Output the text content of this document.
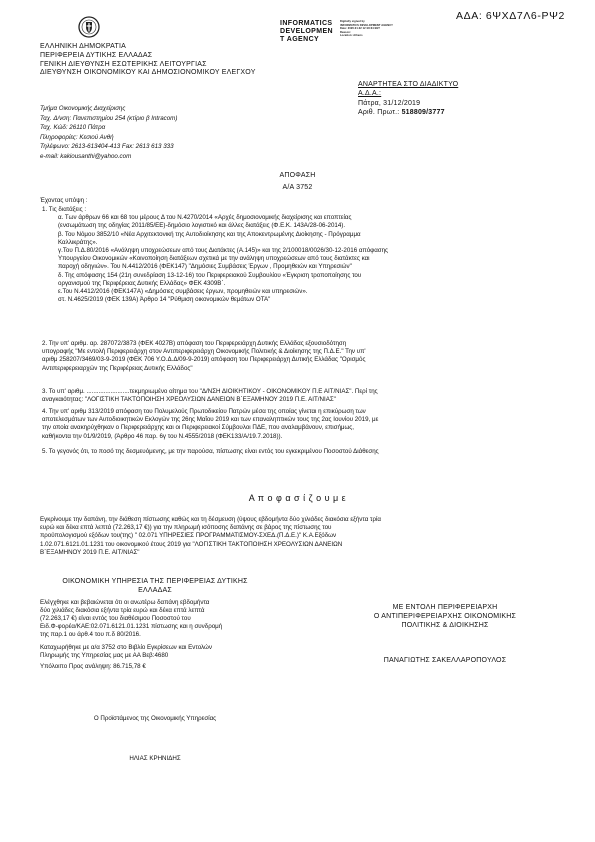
ΑΔΑ: 6ΨΧΔ7Λ6-ΡΨ2
ΕΛΛΗΝΙΚΗ ΔΗΜΟΚΡΑΤΙΑ
ΠΕΡΙΦΕΡΕΙΑ ΔΥΤΙΚΗΣ ΕΛΛΑΔΑΣ
ΓΕΝΙΚΗ ΔΙΕΥΘΥΝΣΗ ΕΣΩΤΕΡΙΚΗΣ ΛΕΙΤΟΥΡΓΙΑΣ
ΔΙΕΥΘΥΝΣΗ ΟΙΚΟΝΟΜΙΚΟΥ ΚΑΙ ΔΗΜΟΣΙΟΝΟΜΙΚΟΥ ΕΛΕΓΧΟΥ
INFORMATICS
DEVELOPMEN
T AGENCY
Digitally signed by
INFORMATICS DEVELOPMENT AGENCY
Date: 2020.01.02 12:18:34 EET
Reason:
Location: Athens
ΑΝΑΡΤΗΤΕΑ ΣΤΟ ΔΙΑΔΙΚΤΥΟ
Α.Δ.Α.:
Πάτρα, 31/12/2019
Αριθ. Πρωτ.: 518809/3777
Τμήμα Οικονομικής Διαχείρισης
Ταχ. Δ/νση: Πανεπιστημίου 254 (κτίριο β Intracom)
Ταχ. Κώδ: 26110 Πάτρα
Πληροφορίες: Κεσιού Ανθή
Τηλέφωνο: 2613-613404-413 Fax: 2613 613 333
e-mail: kakiousanthi@yahoo.com
ΑΠΟΦΑΣΗ
Α/Α 3752
Έχοντας υπόψη :
1. Τις διατάξεις :
α. Των άρθρων 66 και 68 του μέρους Δ του Ν.4270/2014 «Αρχές δημοσιονομικής διαχείρισης και εποπτείας
(ενσωμάτωση της οδηγίας 2011/85/ΕΕ)-δημόσιο λογιστικό και άλλες διατάξεις (Φ.Ε.Κ. 143Α/28-06-2014).
β. Του Νόμου 3852/10 «Νέα Αρχιτεκτονική της Αυτοδιοίκησης και της Αποκεντρωμένης Διοίκησης - Πρόγραμμα
Καλλικράτης».
γ.Του Π.Δ.80/2016 «Ανάληψη υποχρεώσεων από τους Διατάκτες (Α.145)» και της 2/100018/0026/30-12-2016 απόφασης
Υπουργείου Οικονομικών «Κοινοποίηση διατάξεων σχετικά με την ανάληψη υποχρεώσεων από τους διατάκτες και
παροχή οδηγιών». Του Ν.4412/2016 (ΦΕΚ147) "Δημόσιες Συμβάσεις Έργων , Προμηθειών και Υπηρεσιών"
δ. Της απόφασης 154 (21η συνεδρίαση 13-12-16) του Περιφερειακού Συμβουλίου «Έγκριση τροποποίησης του
οργανισμού της Περιφέρειας Δυτικής Ελλάδας» ΦΕΚ 4309Β΄.
ε.Του Ν.4412/2016 (ΦΕΚ147Α) «Δημόσιες συμβάσεις έργων, προμηθειών και υπηρεσιών».
στ. Ν.4625/2019 (ΦΕΚ 139Α) Άρθρο 14 "Ρύθμιση οικονομικών θεμάτων ΟΤΑ"
2. Την υπ' αριθμ. αρ. 287072/3873 (ΦΕΚ 4027Β) απόφαση του Περιφερειάρχη Δυτικής Ελλάδας εξουσιοδότηση
υπογραφής "Με εντολή Περιφερειάρχη στον Αντιπεριφερειάρχη Οικονομικής Πολιτικής & Διοίκησης της Π.Δ.Ε." Την υπ'
αριθμ 258207/3469/03-9-2019 (ΦΕΚ 706 Υ.Ο.Δ.Δ/09-9-2019) απόφαση του Περιφερειάρχη Δυτικής Ελλάδας "Ορισμός
Αντιπεριφερειαρχών της Περιφέρειας Δυτικής Ελλάδος"
3. Το υπ' αριθμ. .........................τεκμηριωμένο αίτημα του "Δ/ΝΣΗ ΔΙΟΙΚΗΤΙΚΟΥ - ΟΙΚΟΝΟΜΙΚΟΥ Π.Ε ΑΙΤ/ΝΙΑΣ". Περί της
αναγκαιότητας: "ΛΟΓΙΣΤΙΚΗ ΤΑΚΤΟΠΟΙΗΣΗ ΧΡΕΟΛΥΣΙΩΝ ΔΑΝΕΙΩΝ Β΄ΕΞΑΜΗΝΟΥ 2019 Π.Ε. ΑΙΤ/ΝΙΑΣ"
4. Την υπ' αριθμ 313/2019 απόφαση του Πολυμελούς Πρωτοδικείου Πατρών μέσα της οποίας γίνεται η επικύρωση των
αποτελεσμάτων των Αυτοδιοικητικών Εκλογών της 26ης Μαΐου 2019 και των επαναληπτικών τους της 2ας Ιουνίου 2019, με
την οποία ανακηρύχθηκαν ο Περιφερειάρχης και οι Περιφερειακοί Σύμβουλοι ΠΔΕ, που αναλαμβάνουν, επισήμως,
καθήκοντα την 01/9/2019, (Άρθρο 46 παρ. 6γ του Ν.4555/2018 (ΦΕΚ133/Α/19.7.2018)).
5. Το γεγονός ότι, το ποσό της δεσμευόμενης, με την παρούσα, πίστωσης είναι εντός του εγκεκριμένου Ποσοστού Διάθεσης
Α π ο φ α σ ί ζ ο υ μ ε
Εγκρίνουμε την δαπάνη, την διάθεση πίστωσης καθώς και τη δέσμευση (ύψους εβδομήντα δύο χιλιάδες διακόσια εξήντα τρία
ευρώ και δέκα επτά λεπτά (72.263,17 €)) για την πληρωμή ισόποσης δαπάνης σε βάρος της πίστωσης του
προϋπολογισμού εξόδων του(της) " 02.071 ΥΠΗΡΕΣΙΕΣ ΠΡΟΓΡΑΜΜΑΤΙΣΜΟΥ-ΣΧΕΔ.(Π.Δ.Ε.)" Κ.Α.Εξόδων
1.02.071.6121.01.1231 του οικονομικού έτους 2019 για "ΛΟΓΙΣΤΙΚΗ ΤΑΚΤΟΠΟΙΗΣΗ ΧΡΕΟΛΥΣΙΩΝ ΔΑΝΕΙΩΝ
Β΄ΕΞΑΜΗΝΟΥ 2019 Π.Ε. ΑΙΤ/ΝΙΑΣ"
ΟΙΚΟΝΟΜΙΚΗ ΥΠΗΡΕΣΙΑ ΤΗΣ ΠΕΡΙΦΕΡΕΙΑΣ ΔΥΤΙΚΗΣ
ΕΛΛΑΔΑΣ
Ελέγχθηκε και βεβαιώνεται ότι οι ανωτέρω δαπάνη εβδομήντα
δύο χιλιάδες διακόσια εξήντα τρία ευρώ και δέκα επτά λεπτά
(72.263,17 €) είναι εντός του διαθέσιμου Ποσοστού του
Ειδ.Φ-φορέα/ΚΑΕ:02.071.6121.01.1231 πίστωσης και η συνδρομή
της παρ.1 ου άρθ.4 του π.δ 80/2016.
Καταχωρήθηκε με α/α 3752 στο Βιβλίο Εγκρίσεων και Εντολών
Πληρωμής της Υπηρεσίας μας με ΑΑ Βεβ:4680
Υπόλοιπο Προς ανάληψη: 86.715,78 €
Ο Προϊστάμενος της Οικονομικής Υπηρεσίας
ΗΛΙΑΣ ΚΡΗΝΙΔΗΣ
ΜΕ ΕΝΤΟΛΗ ΠΕΡΙΦΕΡΕΙΑΡΧΗ
Ο ΑΝΤΙΠΕΡΙΦΕΡΕΙΑΡΧΗΣ ΟΙΚΟΝΟΜΙΚΗΣ
ΠΟΛΙΤΙΚΗΣ & ΔΙΟΙΚΗΣΗΣ
ΠΑΝΑΓΙΩΤΗΣ ΣΑΚΕΛΛΑΡΟΠΟΥΛΟΣ
